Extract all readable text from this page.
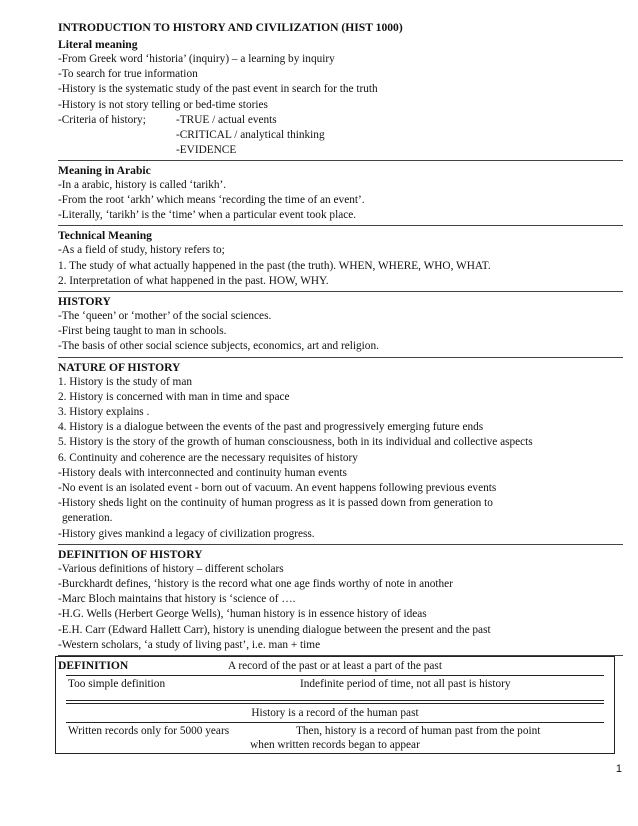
INTRODUCTION TO HISTORY AND CIVILIZATION (HIST 1000)
Literal meaning
-From Greek word ‘historia’ (inquiry) – a learning by inquiry
-To search for true information
-History is the systematic study of the past event in search for the truth
-History is not story telling or bed-time stories
-Criteria of history;	-TRUE / actual events
-CRITICAL / analytical thinking
-EVIDENCE
Meaning in Arabic
-In a arabic, history is called ‘tarikh’.
-From the root ‘arkh’ which means ‘recording the time of an event’.
-Literally, ‘tarikh’ is the ‘time’ when a particular event took place.
Technical Meaning
-As a field of study, history refers to;
1. The study of what actually happened in the past (the truth). WHEN, WHERE, WHO, WHAT.
2. Interpretation of what happened in the past. HOW, WHY.
HISTORY
-The ‘queen’ or ‘mother’ of the social sciences.
-First being taught to man in schools.
-The basis of other social science subjects, economics, art and religion.
NATURE OF HISTORY
1. History is the study of man
2. History is concerned with man in time and space
3. History explains .
4. History is a dialogue between the events of the past and progressively emerging future ends
5. History is the story of the growth of human consciousness, both in its individual and collective aspects
6. Continuity and coherence are the necessary requisites of history
-History deals with interconnected and continuity human events
-No event is an isolated event - born out of vacuum. An event happens following previous events
-History sheds light on the continuity of human progress as it is passed down from generation to
generation.
-History gives mankind a legacy of civilization progress.
DEFINITION OF HISTORY
-Various definitions of history – different scholars
-Burckhardt defines, ‘history is the record what one age finds worthy of note in another
-Marc Bloch maintains that history is ‘science of ….
-H.G. Wells (Herbert George Wells), ‘human history is in essence history of ideas
-E.H. Carr (Edward Hallett Carr), history is unending dialogue between the present and the past
-Western scholars, ‘a study of living past’, i.e. man + time
DEFINITION	A record of the past or at least a part of the past
Too simple definition	Indefinite period of time, not all past is history
History is a record of the human past
Written records only for 5000 years	Then, history is a record of human past from the point
when written records began to appear
1
